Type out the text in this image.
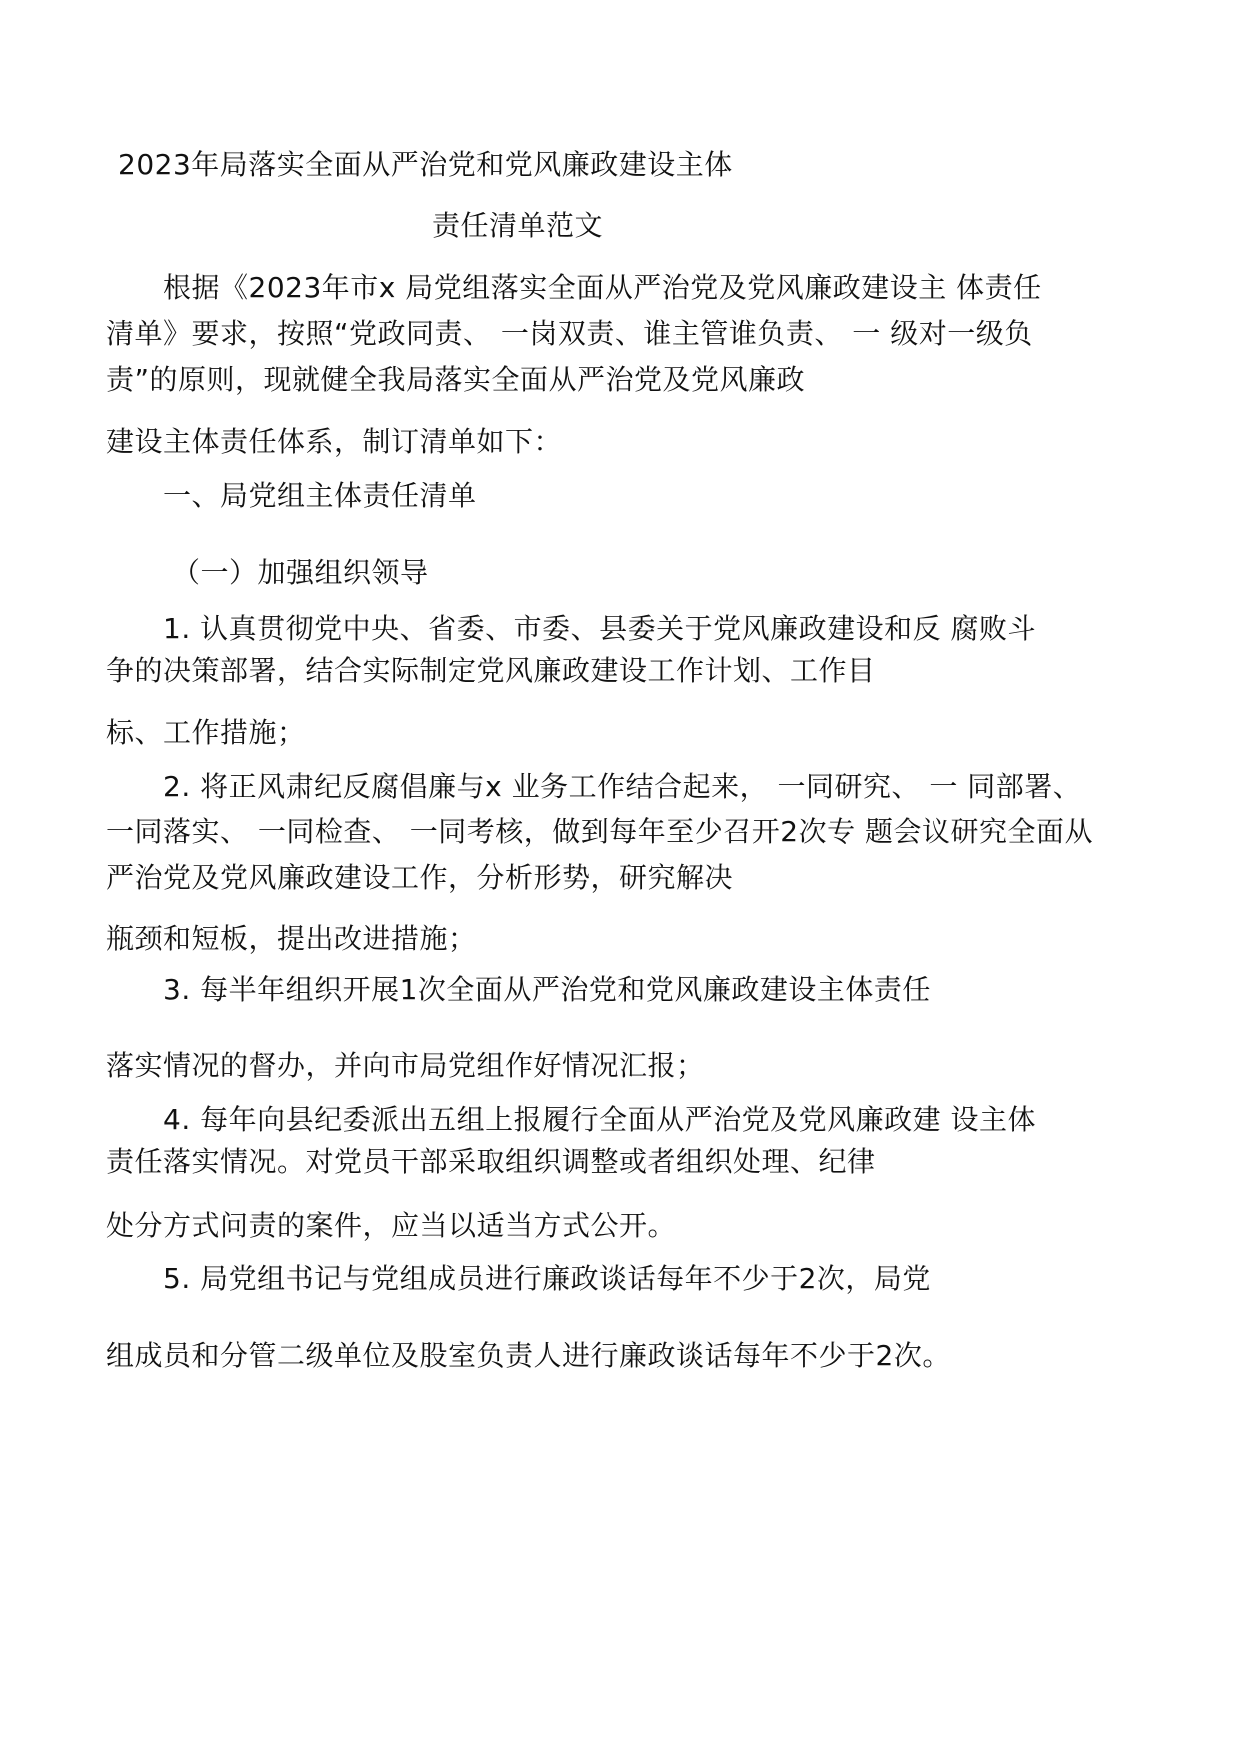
2023年局落实全面从严治党和党风廉政建设主体
责任清单范文
根据《2023年市x 局党组落实全面从严治党及党风廉政建设主 体责任
清单》要求，按照“党政同责、 一岗双责、谁主管谁负责、 一 级对一级负
责”的原则，现就健全我局落实全面从严治党及党风廉政
建设主体责任体系，制订清单如下：
一、局党组主体责任清单
（一）加强组织领导
1. 认真贯彻党中央、省委、市委、县委关于党风廉政建设和反 腐败斗
争的决策部署，结合实际制定党风廉政建设工作计划、工作目
标、工作措施；
2. 将正风肃纪反腐倡廉与x 业务工作结合起来， 一同研究、 一 同部署、
一同落实、 一同检查、 一同考核，做到每年至少召开2次专 题会议研究全面从
严治党及党风廉政建设工作，分析形势，研究解决
瓶颈和短板，提出改进措施；
3. 每半年组织开展1次全面从严治党和党风廉政建设主体责任
落实情况的督办，并向市局党组作好情况汇报；
4. 每年向县纪委派出五组上报履行全面从严治党及党风廉政建 设主体
责任落实情况。对党员干部采取组织调整或者组织处理、纪律
处分方式问责的案件，应当以适当方式公开。
5. 局党组书记与党组成员进行廉政谈话每年不少于2次，局党
组成员和分管二级单位及股室负责人进行廉政谈话每年不少于2次。
